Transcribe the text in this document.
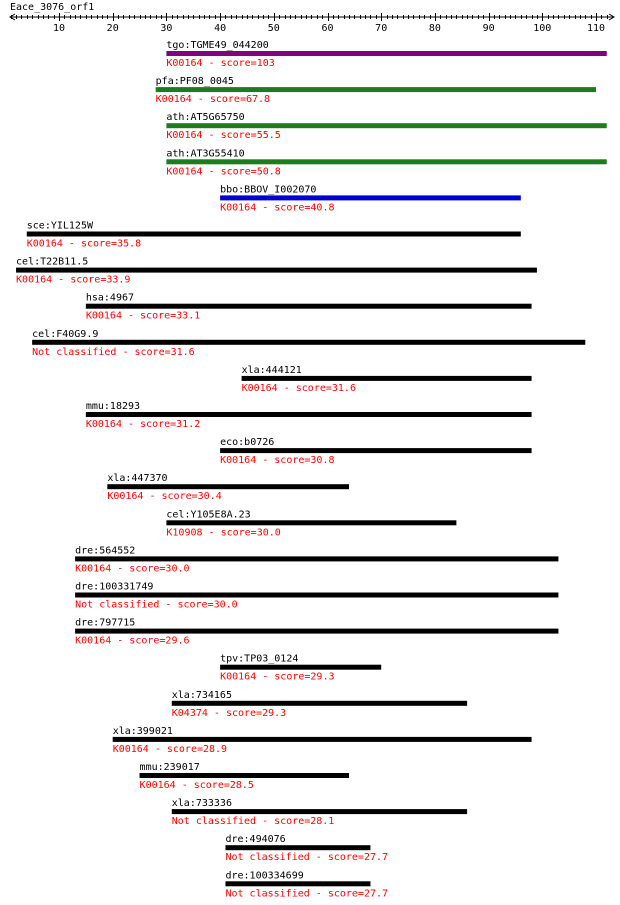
Eace_3076_orf1
10	20	30	40	50	60	70	80	90	100	110
tgo:TGME49_044200
K00164 - score=103
pfa:PF08_0045
K00164 - score=67.8
ath:AT5G65750
K00164 - score=55.5
ath:AT3G55410
K00164 - score=50.8
bbo:BBOV_I002070
K00164 - score=40.8
sce:YIL125W
K00164 - score=35.8
cel:T22B11.5
K00164 - score=33.9
hsa:4967
K00164 - score=33.1
cel:F40G9.9
Not classified - score=31.6
xla:444121
K00164 - score=31.6
mmu:18293
K00164 - score=31.2
eco:b0726
K00164 - score=30.8
xla:447370
K00164 - score=30.4
cel:Y105E8A.23
K10908 - score=30.0
dre:564552
K00164 - score=30.0
dre:100331749
Not classified - score=30.0
dre:797715
K00164 - score=29.6
tpv:TP03_0124
K00164 - score=29.3
xla:734165
K04374 - score=29.3
xla:399021
K00164 - score=28.9
mmu:239017
K00164 - score=28.5
xla:733336
Not classified - score=28.1
dre:494076
Not classified - score=27.7
dre:100334699
Not classified - score=27.7
